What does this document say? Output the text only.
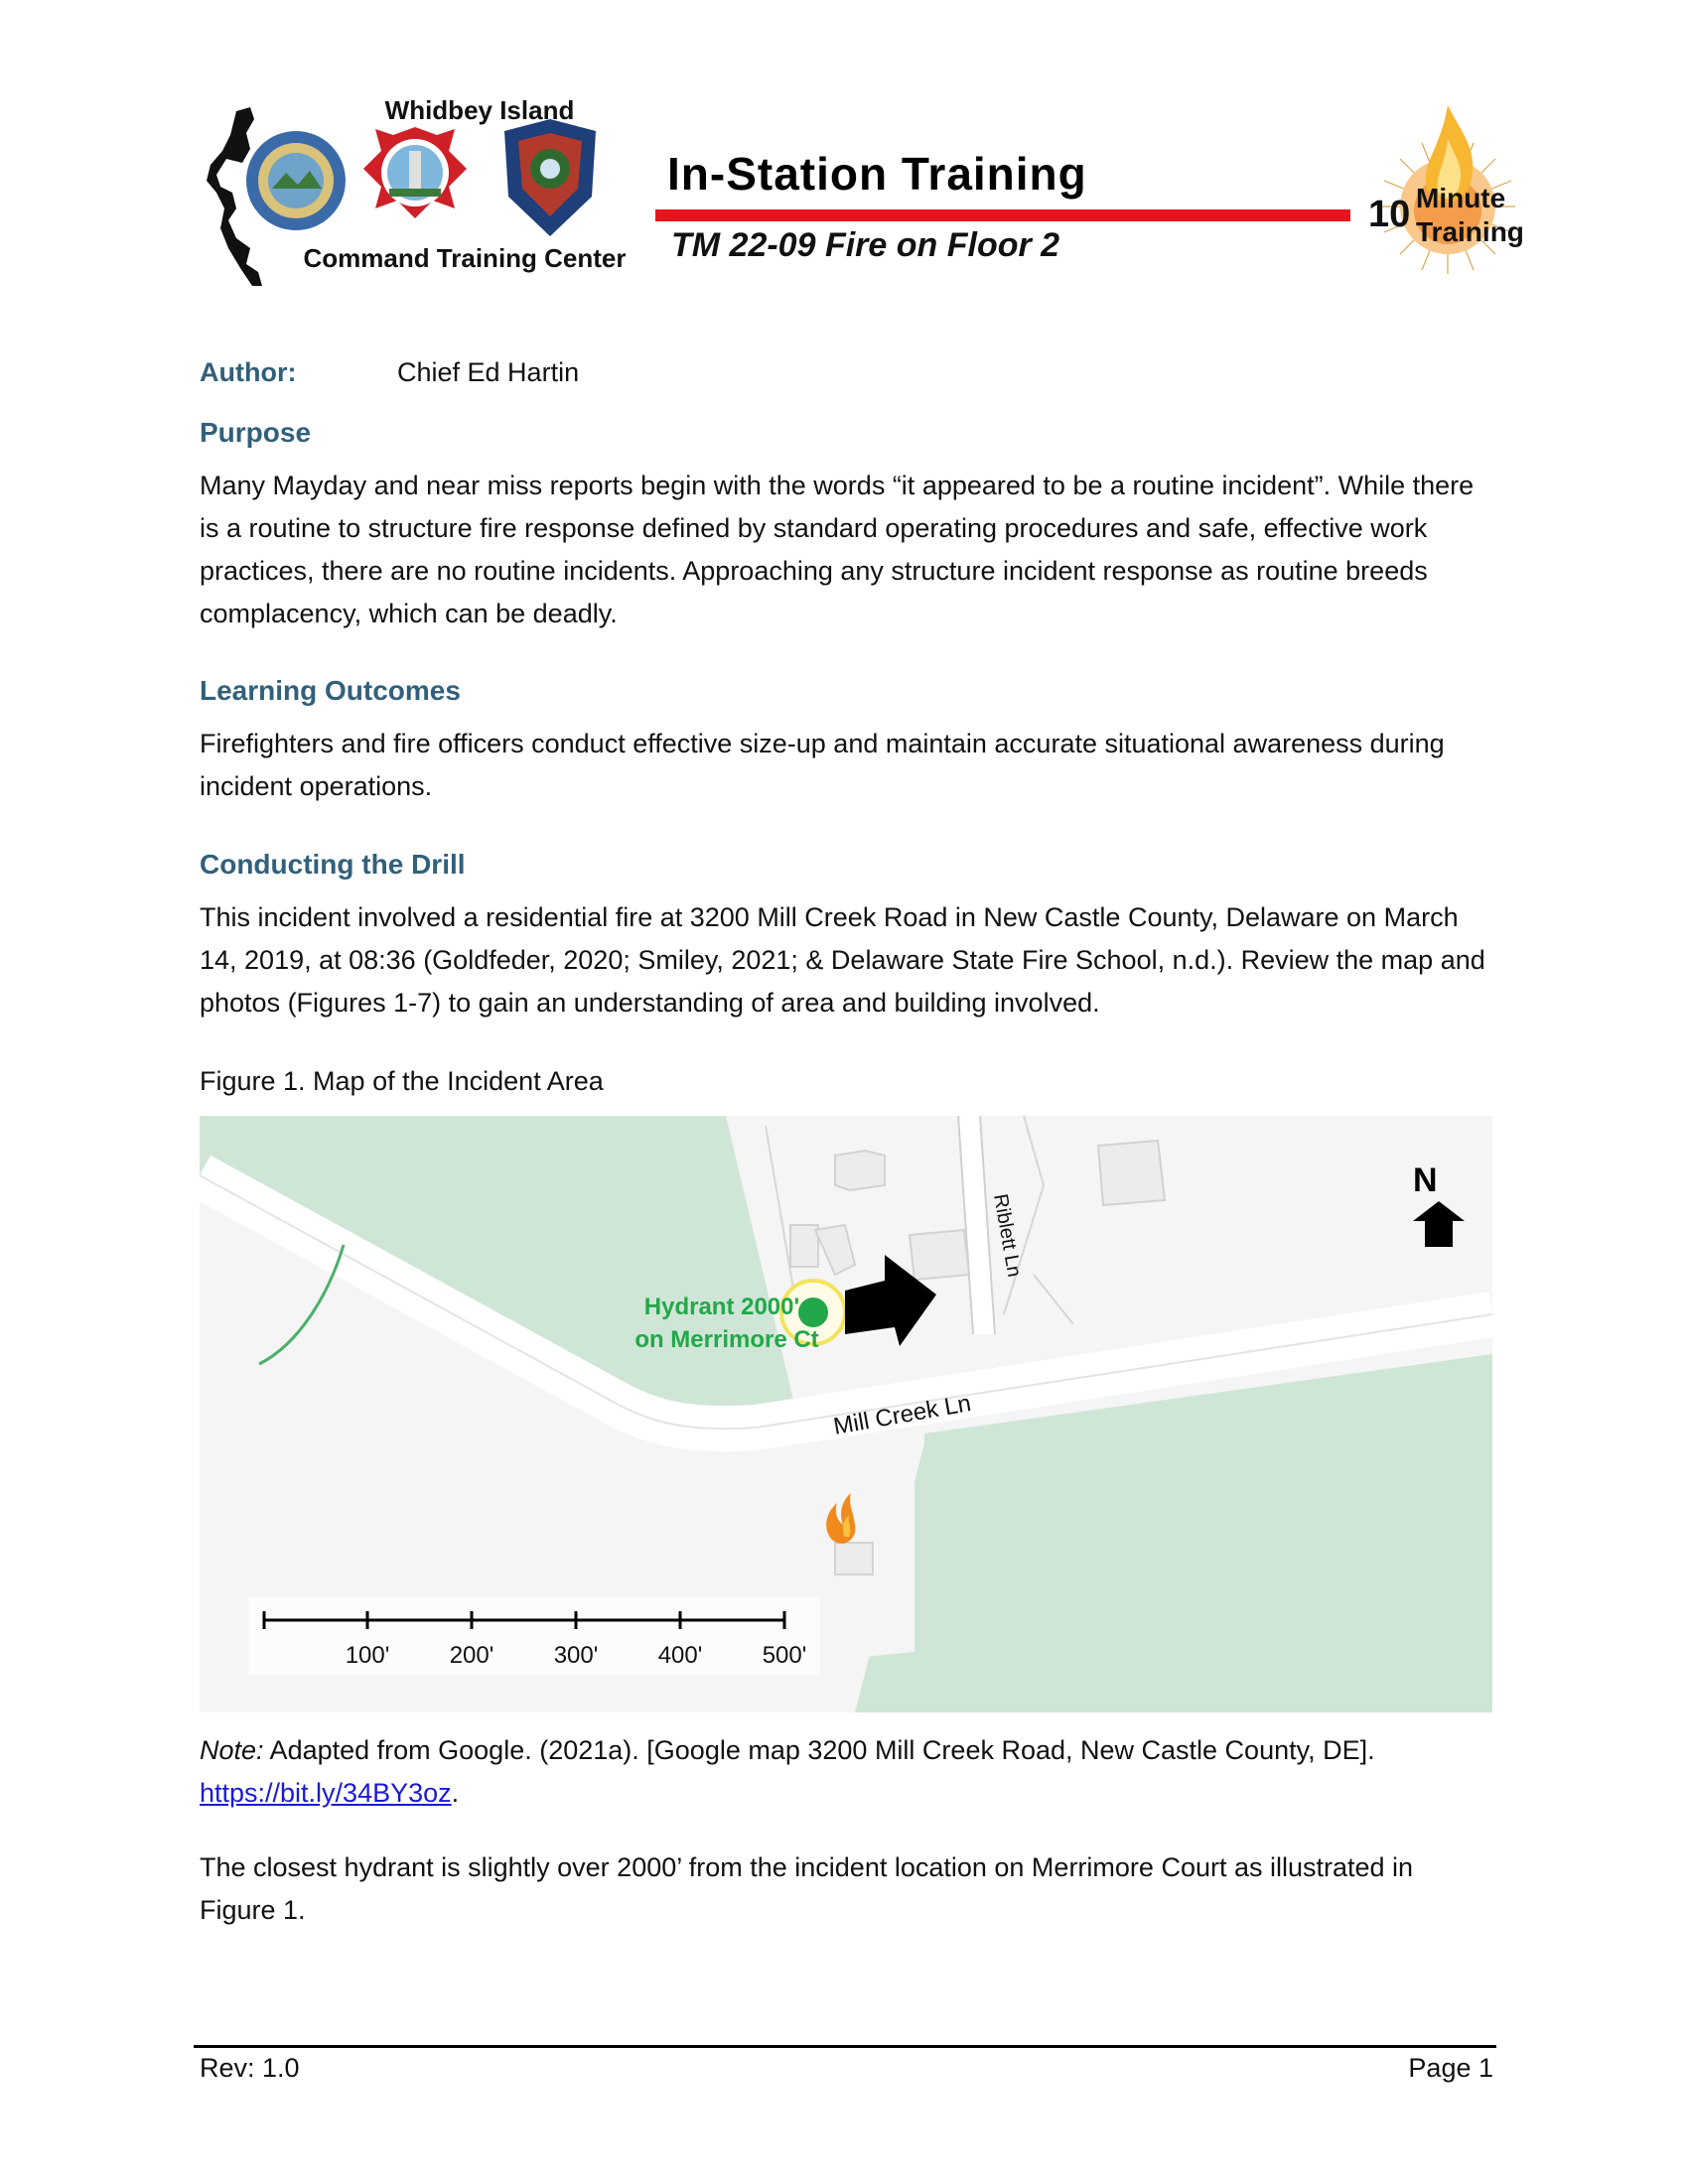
Whidbey Island
Command Training Center
In-Station Training
TM 22-09 Fire on Floor 2
10 Minute
Training
Author:	Chief Ed Hartin
Purpose
Many Mayday and near miss reports begin with the words “it appeared to be a routine incident”. While there is a routine to structure fire response defined by standard operating procedures and safe, effective work practices, there are no routine incidents. Approaching any structure incident response as routine breeds complacency, which can be deadly.
Learning Outcomes
Firefighters and fire officers conduct effective size-up and maintain accurate situational awareness during incident operations.
Conducting the Drill
This incident involved a residential fire at 3200 Mill Creek Road in New Castle County, Delaware on March 14, 2019, at 08:36 (Goldfeder, 2020; Smiley, 2021; & Delaware State Fire School, n.d.). Review the map and photos (Figures 1-7) to gain an understanding of area and building involved.
Figure 1. Map of the Incident Area
Mill Creek Ln
Riblett Ln
Hydrant 2000'
on Merrimore Ct
N
100'	200'	300'	400'	500'
Note: Adapted from Google. (2021a). [Google map 3200 Mill Creek Road, New Castle County, DE].
https://bit.ly/34BY3oz.
The closest hydrant is slightly over 2000’ from the incident location on Merrimore Court as illustrated in Figure 1.
Rev: 1.0	Page 1
